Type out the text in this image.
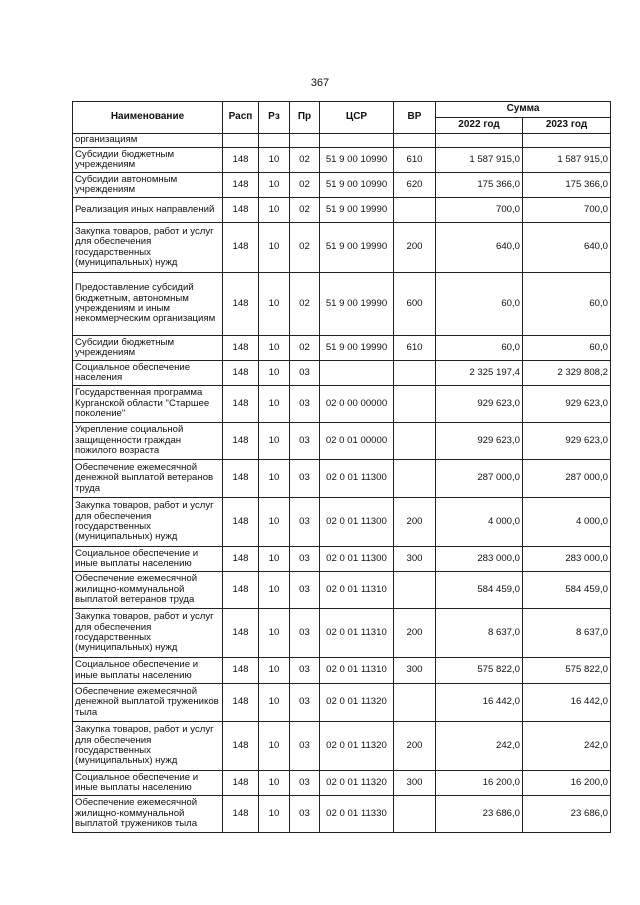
367
Наименование	Расп	Рз	Пр	ЦСР	ВР	Сумма	
						2022 год	2023 год
организациям							
Субсидии бюджетным учреждениям	148	10	02	51 9 00 10990	610	1 587 915,0	1 587 915,0
Субсидии автономным учреждениям	148	10	02	51 9 00 10990	620	175 366,0	175 366,0
Реализация иных направлений	148	10	02	51 9 00 19990		700,0	700,0
Закупка товаров, работ и услуг для обеспечения государственных (муниципальных) нужд	148	10	02	51 9 00 19990	200	640,0	640,0
Предоставление субсидий бюджетным, автономным учреждениям и иным некоммерческим организациям	148	10	02	51 9 00 19990	600	60,0	60,0
Субсидии бюджетным учреждениям	148	10	02	51 9 00 19990	610	60,0	60,0
Социальное обеспечение населения	148	10	03			2 325 197,4	2 329 808,2
Государственная программа Курганской области "Старшее поколение"	148	10	03	02 0 00 00000		929 623,0	929 623,0
Укрепление социальной защищенности граждан пожилого возраста	148	10	03	02 0 01 00000		929 623,0	929 623,0
Обеспечение ежемесячной денежной выплатой ветеранов труда	148	10	03	02 0 01 11300		287 000,0	287 000,0
Закупка товаров, работ и услуг для обеспечения государственных (муниципальных) нужд	148	10	03	02 0 01 11300	200	4 000,0	4 000,0
Социальное обеспечение и иные выплаты населению	148	10	03	02 0 01 11300	300	283 000,0	283 000,0
Обеспечение ежемесячной жилищно-коммунальной выплатой ветеранов труда	148	10	03	02 0 01 11310		584 459,0	584 459,0
Закупка товаров, работ и услуг для обеспечения государственных (муниципальных) нужд	148	10	03	02 0 01 11310	200	8 637,0	8 637,0
Социальное обеспечение и иные выплаты населению	148	10	03	02 0 01 11310	300	575 822,0	575 822,0
Обеспечение ежемесячной денежной выплатой тружеников тыла	148	10	03	02 0 01 11320		16 442,0	16 442,0
Закупка товаров, работ и услуг для обеспечения государственных (муниципальных) нужд	148	10	03	02 0 01 11320	200	242,0	242,0
Социальное обеспечение и иные выплаты населению	148	10	03	02 0 01 11320	300	16 200,0	16 200,0
Обеспечение ежемесячной жилищно-коммунальной выплатой тружеников тыла	148	10	03	02 0 01 11330		23 686,0	23 686,0
